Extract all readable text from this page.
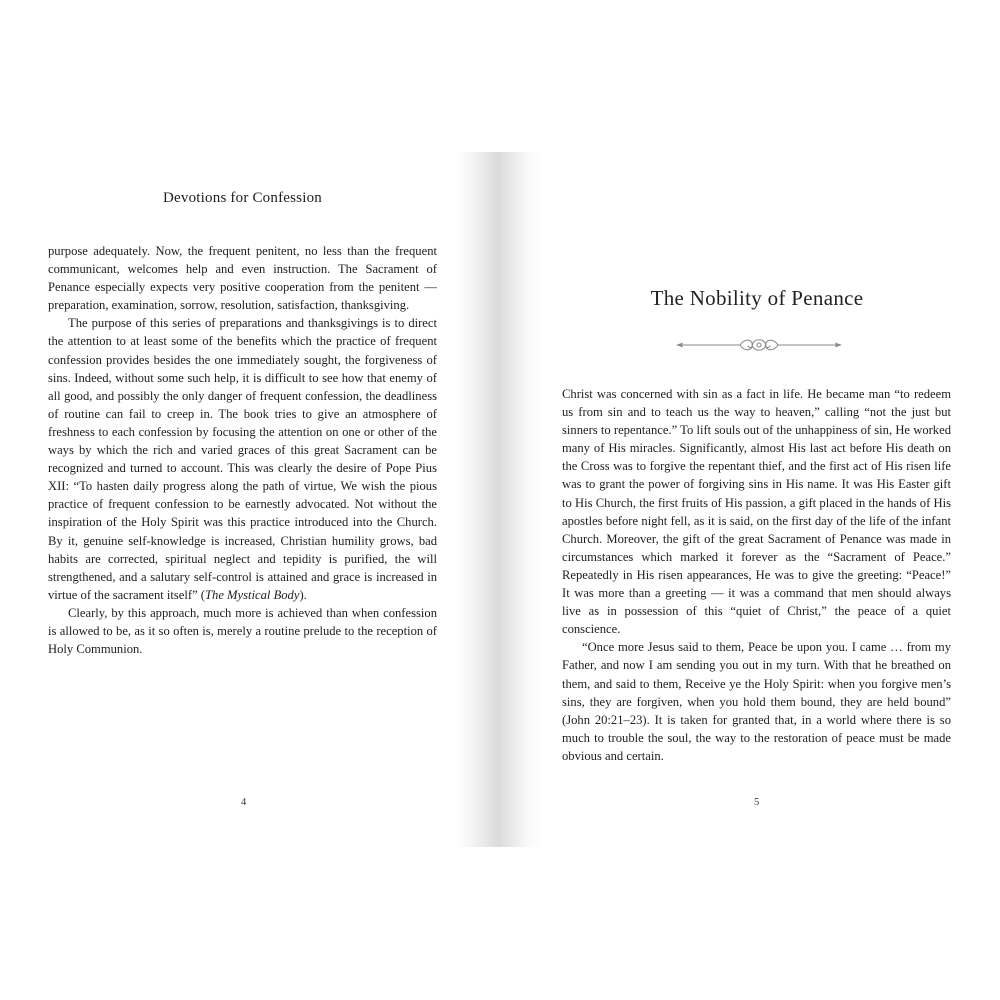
Devotions for Confession

purpose adequately. Now, the frequent penitent, no less than the frequent communicant, welcomes help and even instruction. The Sacrament of Penance especially expects very positive cooperation from the penitent — preparation, examination, sorrow, resolution, satisfaction, thanksgiving.

The purpose of this series of preparations and thanksgivings is to direct the attention to at least some of the benefits which the practice of frequent confession provides besides the one immediately sought, the forgiveness of sins. Indeed, without some such help, it is difficult to see how that enemy of all good, and possibly the only danger of frequent confession, the deadliness of routine can fail to creep in. The book tries to give an atmosphere of freshness to each confession by focusing the attention on one or other of the ways by which the rich and varied graces of this great Sacrament can be recognized and turned to account. This was clearly the desire of Pope Pius XII: “To hasten daily progress along the path of virtue, We wish the pious practice of frequent confession to be earnestly advocated. Not without the inspiration of the Holy Spirit was this practice introduced into the Church. By it, genuine self-knowledge is increased, Christian humility grows, bad habits are corrected, spiritual neglect and tepidity is purified, the will strengthened, and a salutary self-control is attained and grace is increased in virtue of the sacrament itself” (The Mystical Body).

Clearly, by this approach, much more is achieved than when confession is allowed to be, as it so often is, merely a routine prelude to the reception of Holy Communion.

4
The Nobility of Penance

Christ was concerned with sin as a fact in life. He became man “to redeem us from sin and to teach us the way to heaven,” calling “not the just but sinners to repentance.” To lift souls out of the unhappiness of sin, He worked many of His miracles. Significantly, almost His last act before His death on the Cross was to forgive the repentant thief, and the first act of His risen life was to grant the power of forgiving sins in His name. It was His Easter gift to His Church, the first fruits of His passion, a gift placed in the hands of His apostles before night fell, as it is said, on the first day of the life of the infant Church. Moreover, the gift of the great Sacrament of Penance was made in circumstances which marked it forever as the “Sacrament of Peace.” Repeatedly in His risen appearances, He was to give the greeting: “Peace!” It was more than a greeting — it was a command that men should always live as in possession of this “quiet of Christ,” the peace of a quiet conscience.

“Once more Jesus said to them, Peace be upon you. I came … from my Father, and now I am sending you out in my turn. With that he breathed on them, and said to them, Receive ye the Holy Spirit: when you forgive men’s sins, they are forgiven, when you hold them bound, they are held bound” (John 20:21–23). It is taken for granted that, in a world where there is so much to trouble the soul, the way to the restoration of peace must be made obvious and certain.

5
